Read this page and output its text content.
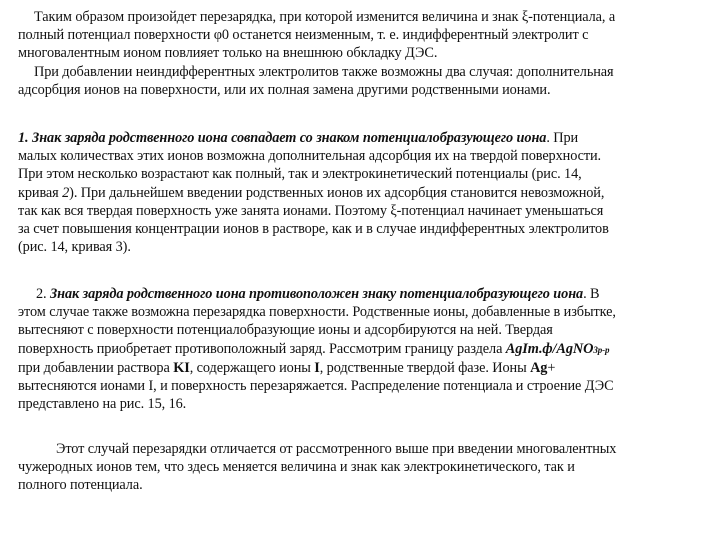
Таким образом произойдет перезарядка, при которой изменится величина и знак ξ-потенциала, а
полный потенциал поверхности φ0 останется неизменным, т. е. индифферентный электролит с
многовалентным ионом повлияет только на внешнюю обкладку ДЭС.
При добавлении неиндифферентных электролитов также возможны два случая: дополнительная
адсорбция ионов на поверхности, или их полная замена другими родственными ионами.
1. Знак заряда родственного иона совпадает со знаком потенциалобразующего иона. При
малых количествах этих ионов возможна дополнительная адсорбция их на твердой поверхности.
При этом несколько возрастают как полный, так и электрокинетический потенциалы (рис. 14,
кривая 2). При дальнейшем введении родственных ионов их адсорбция становится невозможной,
так как вся твердая поверхность уже занята ионами. Поэтому ξ-потенциал начинает уменьшаться
за счет повышения концентрации ионов в растворе, как и в случае индифферентных электролитов
(рис. 14, кривая 3).
2. Знак заряда родственного иона противоположен знаку потенциалобразующего иона. В
этом случае также возможна перезарядка поверхности. Родственные ионы, добавленные в избытке,
вытесняют с поверхности потенциалобразующие ионы и адсорбируются на ней. Твердая
поверхность приобретает противоположный заряд. Рассмотрим границу раздела AgIт.ф/AgNO3р-р
при добавлении раствора KI, содержащего ионы I, родственные твердой фазе. Ионы Ag+
вытесняются ионами I, и поверхность перезаряжается. Распределение потенциала и строение ДЭС
представлено на рис. 15, 16.
Этот случай перезарядки отличается от рассмотренного выше при введении многовалентных
чужеродных ионов тем, что здесь меняется величина и знак как электрокинетического, так и
полного потенциала.
